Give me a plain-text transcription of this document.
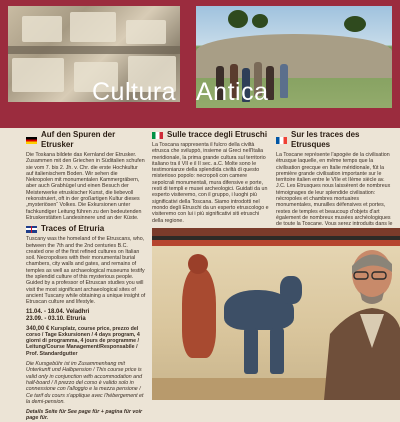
Cultura Antica
Auf den Spuren der Etrusker

Die Toskana bildete das Kernland der Etrusker. Zusammen mit den Griechen in Süditalien schufen sie vom 7. bis 2. Jh. v. Chr. die erste Hochkultur auf italienischem Boden. Wir sehen die Nekropolen mit monumentalen Kammergräbern, aber auch Grabhügel und einen Besuch der Meisterwerke etruskischer Kunst, die liebevoll rekonstruiert, oft in der großartigen Kultur dieses „mysteriösen“ Volkes. Die Exkursionen unter fachkundiger Leitung führen zu den bedeutenden Etruskerstätten Landesinnere und an der Küste.

Traces of Etruria

Tuscany was the homeland of the Etruscans, who, between the 7th and the 2nd centuries B.C. created one of the first refined cultures on Italian soil. Necropolises with their monumental burial chambers, city walls and gates, and remains of temples as well as archaeological museums testify the splendid culture of this mysterious people. Guided by a professor of Etruscan studies you will visit the most significant archaeological sites of ancient Tuscany while obtaining a unique insight of Etruscan culture and lifestyle.

11.04. - 18.04. Veladhri
23.09. - 03.10. Etruria
340,00 € Kursplatz, course price, prezzo del corso / Tage Exkursionen / 4 days program, 4 giorni di programma, 4 jours de programme / Leitung/Course Management/Responsabile / Prof. Standardgutter

Die Kursgebühr ist im Zusammenhang mit Unterkunft und Halbpension / This course price is valid only in conjunction with accommodation and half-board / Il prezzo del corso è valido solo in connessione con l'alloggio e la mezza pensione / Ce tarif du cours s'applique avec l'hébergement et la demi-pension.

Details Seite für See page für + pagina für voir page für.
Sulle tracce degli Etruschi

La Toscana rappresenta il fulcro della civiltà etrusca che sviluppò, insieme ai Greci nell'Italia meridionale, la prima grande cultura sul territorio italiano tra il VII e il II sec. a.C. Molte sono le testimonianze della splendida civiltà di questo misterioso popolo: necropoli con camere sepolcrali monumentali, mura difensive e porte, resti di templi e musei archeologici. Guidati da un esperto visiteremo, con il gruppo, i luoghi più significativi della Toscana. Siamo introdotti nel mondo degli Etruschi da un esperto etruscologo e visiteremo con lui i più significativi siti etruschi della regione.

Sur les traces des Etrusques

La Toscane représente l'apogée de la civilisation étrusque laquelle, en même temps que la civilisation grecque en Italie méridionale, fût la première grande civilisation importante sur le territoire italien entre le VIIe et IIème siècle av. J.C. Les Etrusques nous laissèrent de nombreux témoignages de leur splendide civilisation: nécropoles et chambres mortuaires monumentales, murailles défensives et portes, restes de temples et beaucoup d'objets d'art également de nombreux musées archéologiques de toute la Toscane. Vous serez introduits dans le
